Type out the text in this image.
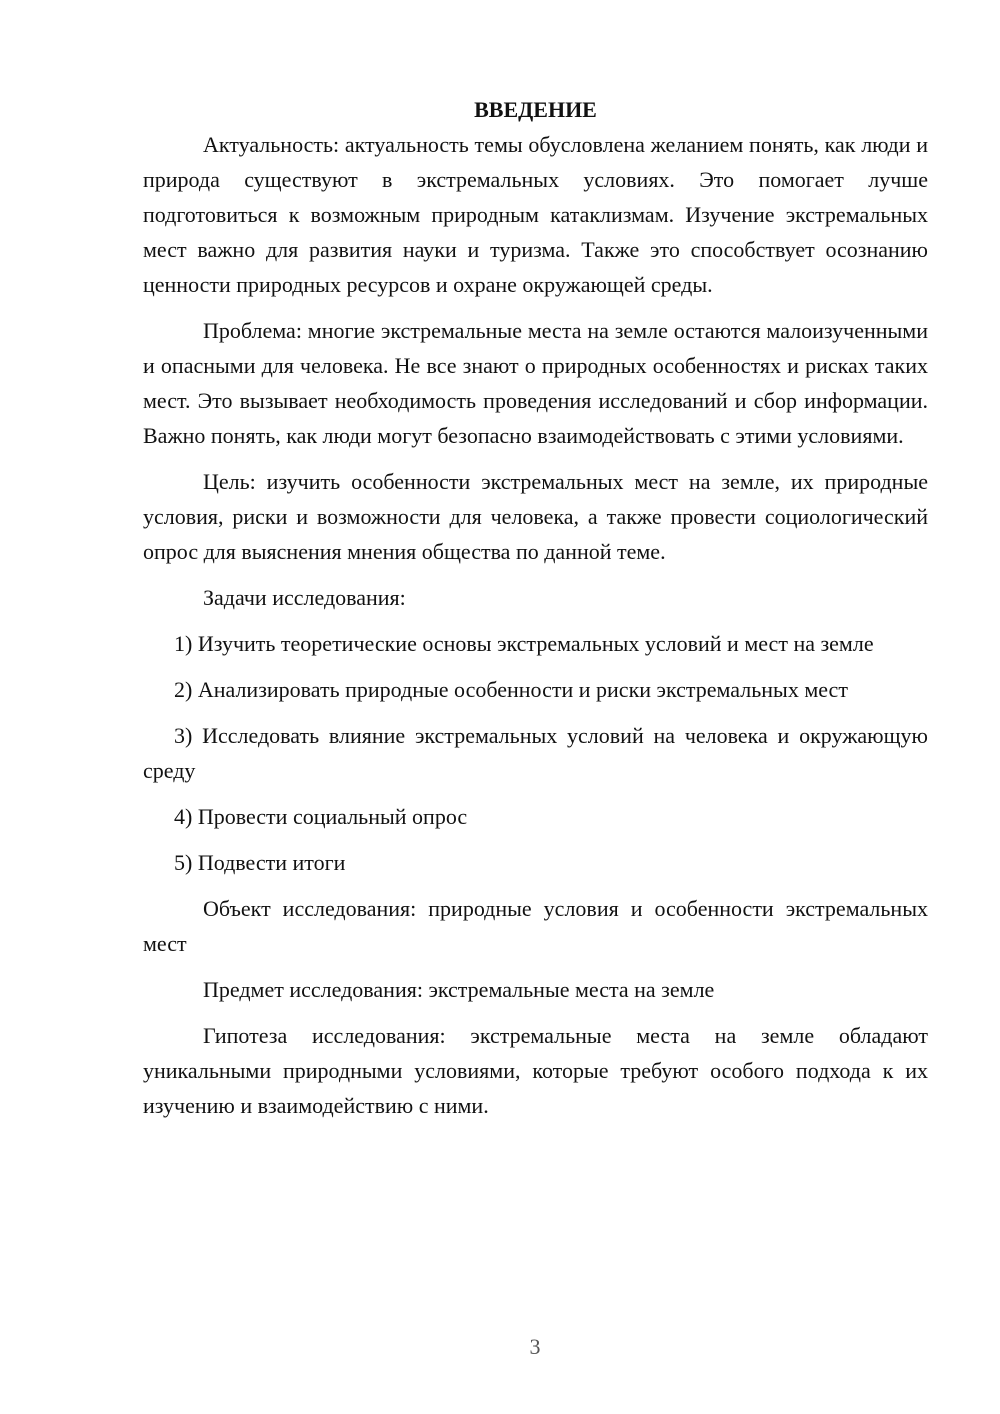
ВВЕДЕНИЕ

Актуальность: актуальность темы обусловлена желанием понять, как люди и природа существуют в экстремальных условиях. Это помогает лучше подготовиться к возможным природным катаклизмам. Изучение экстремальных мест важно для развития науки и туризма. Также это способствует осознанию ценности природных ресурсов и охране окружающей среды.

Проблема: многие экстремальные места на земле остаются малоизученными и опасными для человека. Не все знают о природных особенностях и рисках таких мест. Это вызывает необходимость проведения исследований и сбор информации. Важно понять, как люди могут безопасно взаимодействовать с этими условиями.

Цель: изучить особенности экстремальных мест на земле, их природные условия, риски и возможности для человека, а также провести социологический опрос для выяснения мнения общества по данной теме.

Задачи исследования:

1) Изучить теоретические основы экстремальных условий и мест на земле

2) Анализировать природные особенности и риски экстремальных мест

3) Исследовать влияние экстремальных условий на человека и окружающую среду

4) Провести социальный опрос

5) Подвести итоги

Объект исследования: природные условия и особенности экстремальных мест

Предмет исследования: экстремальные места на земле

Гипотеза исследования: экстремальные места на земле обладают уникальными природными условиями, которые требуют особого подхода к их изучению и взаимодействию с ними.

3
